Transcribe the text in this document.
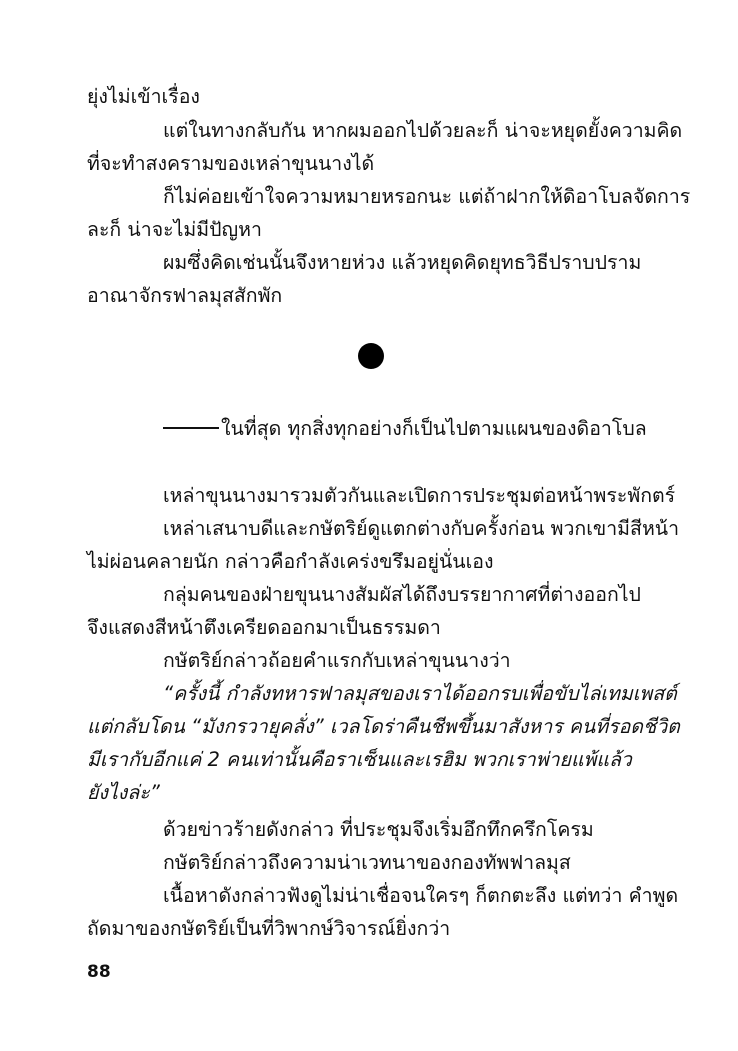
ยุ่งไม่เข้าเรื่อง
แต่ในทางกลับกัน หากผมออกไปด้วยละก็ น่าจะหยุดยั้งความคิด
ที่จะทำสงครามของเหล่าขุนนางได้
ก็ไม่ค่อยเข้าใจความหมายหรอกนะ แต่ถ้าฝากให้ดิอาโบลจัดการ
ละก็ น่าจะไม่มีปัญหา
ผมซึ่งคิดเช่นนั้นจึงหายห่วง แล้วหยุดคิดยุทธวิธีปราบปราม
อาณาจักรฟาลมุสสักพัก
ในที่สุด ทุกสิ่งทุกอย่างก็เป็นไปตามแผนของดิอาโบล
เหล่าขุนนางมารวมตัวกันและเปิดการประชุมต่อหน้าพระพักตร์
เหล่าเสนาบดีและกษัตริย์ดูแตกต่างกับครั้งก่อน พวกเขามีสีหน้า
ไม่ผ่อนคลายนัก กล่าวคือกำลังเคร่งขรึมอยู่นั่นเอง
กลุ่มคนของฝ่ายขุนนางสัมผัสได้ถึงบรรยากาศที่ต่างออกไป
จึงแสดงสีหน้าตึงเครียดออกมาเป็นธรรมดา
กษัตริย์กล่าวถ้อยคำแรกกับเหล่าขุนนางว่า
“ครั้งนี้ กำลังทหารฟาลมุสของเราได้ออกรบเพื่อขับไล่เทมเพสต์
แต่กลับโดน “มังกรวายุคลั่ง” เวลโดร่าคืนชีพขึ้นมาสังหาร คนที่รอดชีวิต
มีเรากับอีกแค่ 2 คนเท่านั้นคือราเซ็นและเรฮิม พวกเราพ่ายแพ้แล้ว
ยังไงล่ะ”
ด้วยข่าวร้ายดังกล่าว ที่ประชุมจึงเริ่มอึกทึกครึกโครม
กษัตริย์กล่าวถึงความน่าเวทนาของกองทัพฟาลมุส
เนื้อหาดังกล่าวฟังดูไม่น่าเชื่อจนใครๆ ก็ตกตะลึง แต่ทว่า คำพูด
ถัดมาของกษัตริย์เป็นที่วิพากษ์วิจารณ์ยิ่งกว่า
88
